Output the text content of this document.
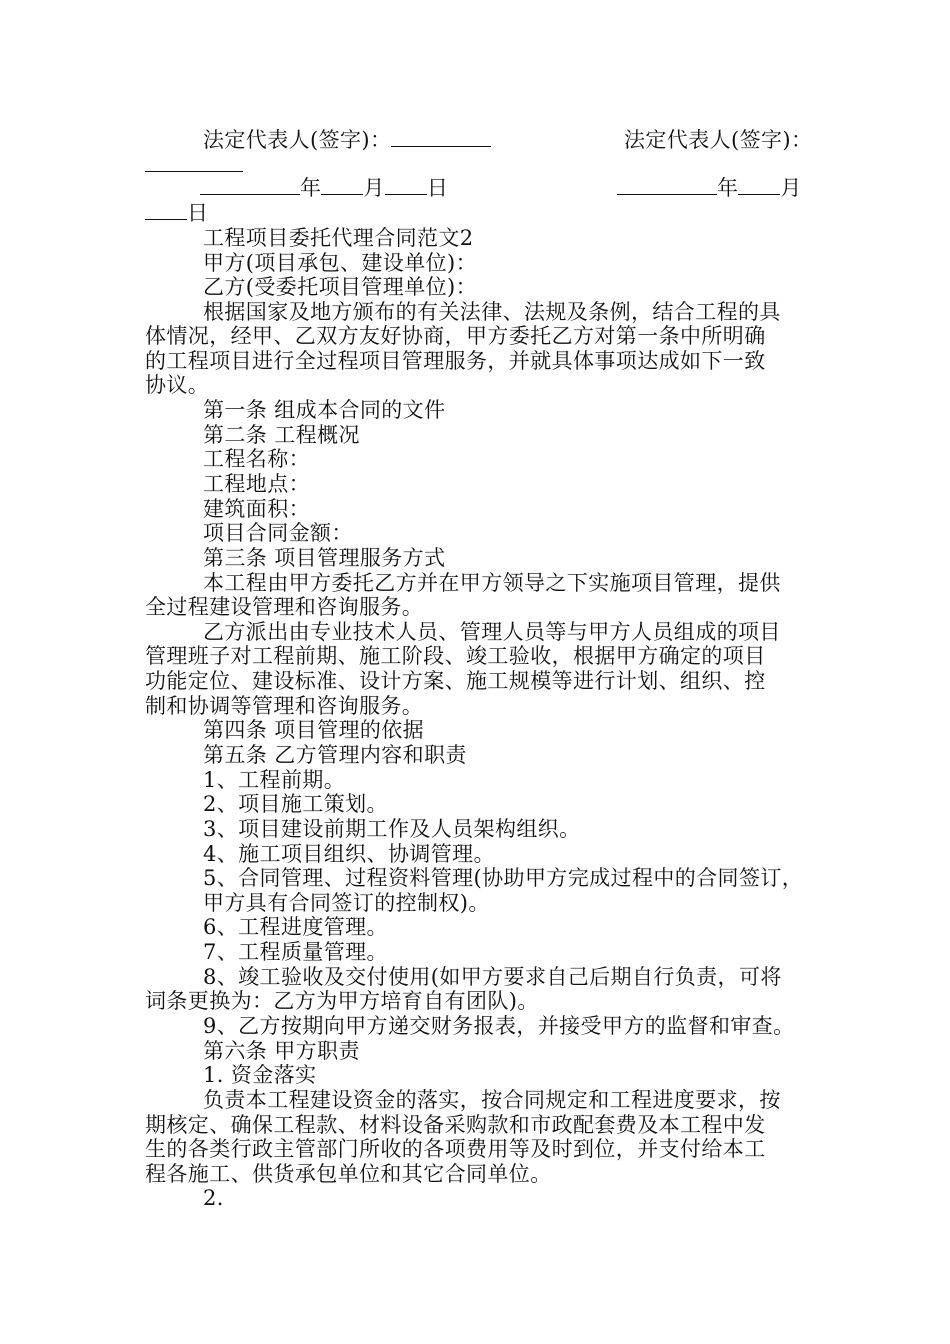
法定代表人(签字)：	法定代表人(签字)：
年 月 日	年 月
日
工程项目委托代理合同范文2
甲方(项目承包、建设单位)：
乙方(受委托项目管理单位)：
根据国家及地方颁布的有关法律、法规及条例，结合工程的具
体情况，经甲、乙双方友好协商，甲方委托乙方对第一条中所明确
的工程项目进行全过程项目管理服务，并就具体事项达成如下一致
协议。
第一条 组成本合同的文件
第二条 工程概况
工程名称：
工程地点：
建筑面积：
项目合同金额：
第三条 项目管理服务方式
本工程由甲方委托乙方并在甲方领导之下实施项目管理，提供
全过程建设管理和咨询服务。
乙方派出由专业技术人员、管理人员等与甲方人员组成的项目
管理班子对工程前期、施工阶段、竣工验收，根据甲方确定的项目
功能定位、建设标准、设计方案、施工规模等进行计划、组织、控
制和协调等管理和咨询服务。
第四条 项目管理的依据
第五条 乙方管理内容和职责
1、工程前期。
2、项目施工策划。
3、项目建设前期工作及人员架构组织。
4、施工项目组织、协调管理。
5、合同管理、过程资料管理(协助甲方完成过程中的合同签订，
甲方具有合同签订的控制权)。
6、工程进度管理。
7、工程质量管理。
8、竣工验收及交付使用(如甲方要求自己后期自行负责，可将
词条更换为：乙方为甲方培育自有团队)。
9、乙方按期向甲方递交财务报表，并接受甲方的监督和审查。
第六条 甲方职责
1. 资金落实
负责本工程建设资金的落实，按合同规定和工程进度要求，按
期核定、确保工程款、材料设备采购款和市政配套费及本工程中发
生的各类行政主管部门所收的各项费用等及时到位，并支付给本工
程各施工、供货承包单位和其它合同单位。
2.
